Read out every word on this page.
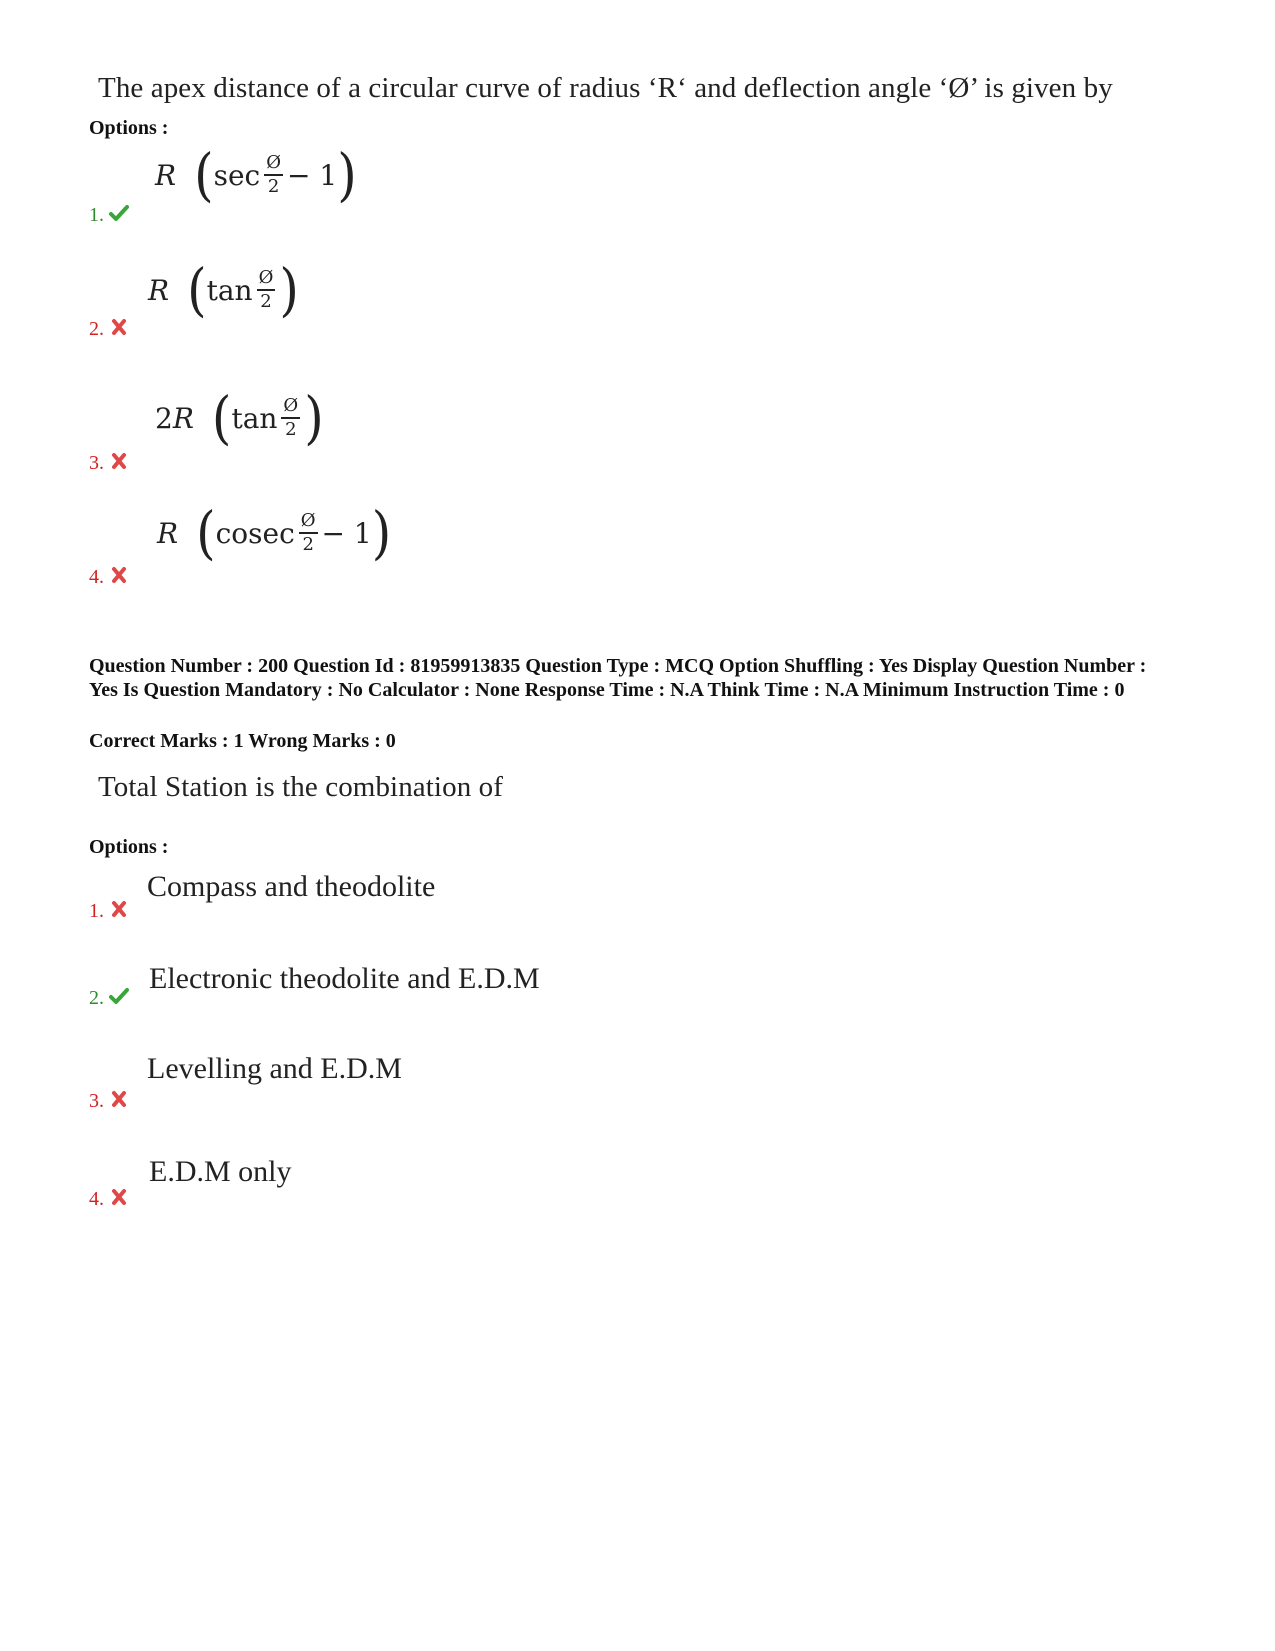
The apex distance of a circular curve of radius ‘R‘ and deflection angle ‘Ø’ is given by
Options :
1.
R ( $\sec \frac{Ø}{2} - 1$ )
2.
R ( $\tan \frac{Ø}{2}$ )
3.
2 R ( $\tan \frac{Ø}{2}$ )
4.
R ( cosec $\frac{Ø}{2} - 1$ )
Question Number : 200 Question Id : 81959913835 Question Type : MCQ Option Shuffling : Yes Display Question Number : Yes Is Question Mandatory : No Calculator : None Response Time : N.A Think Time : N.A Minimum Instruction Time : 0
Correct Marks : 1 Wrong Marks : 0
Total Station is the combination of
Options :
1.
Compass and theodolite
2.
Electronic theodolite and E.D.M
3.
Levelling and E.D.M
4.
E.D.M only
